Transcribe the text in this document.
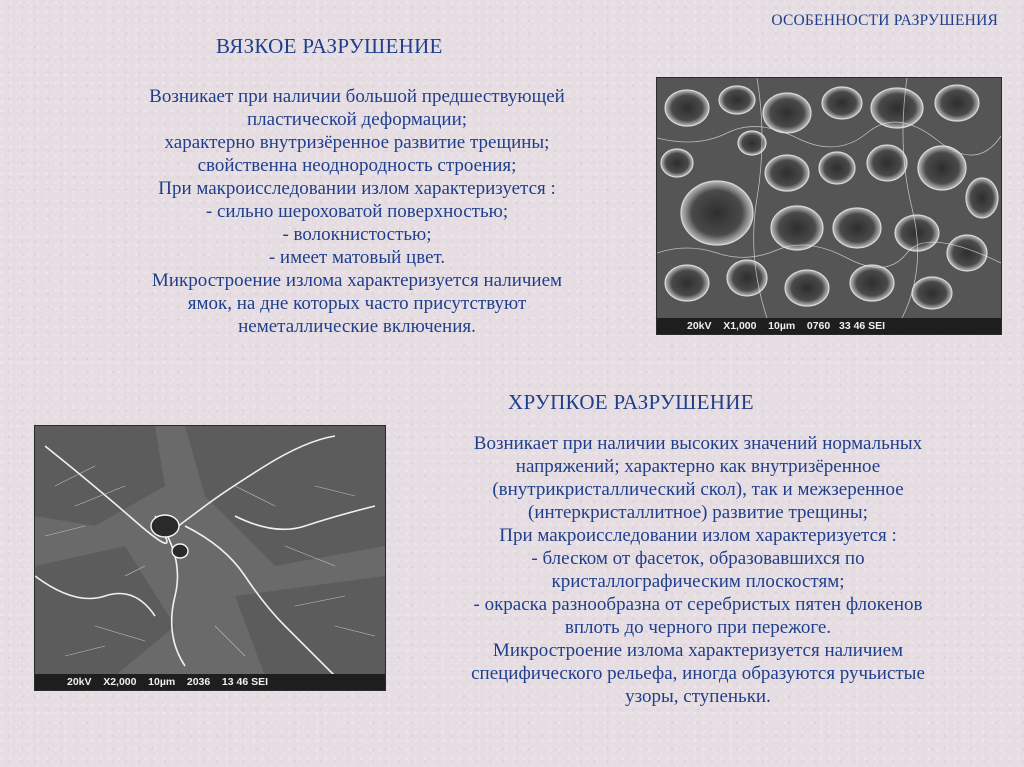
ОСОБЕННОСТИ РАЗРУШЕНИЯ
ВЯЗКОЕ РАЗРУШЕНИЕ
Возникает при наличии большой предшествующей
пластической деформации;
характерно внутризёренное развитие трещины;
свойственна неоднородность строения;
При макроисследовании излом характеризуется :
- сильно шероховатой поверхностью;
- волокнистостью;
- имеет матовый цвет.
Микростроение излома характеризуется наличием
ямок, на дне которых часто присутствуют
неметаллические включения.	20kV    X1,000    10µm    0760   33 46 SEI
ХРУПКОЕ РАЗРУШЕНИЕ
20kV    X2,000    10µm    2036    13 46 SEI
Возникает при наличии высоких значений нормальных
напряжений; характерно как внутризёренное
(внутрикристаллический скол), так и межзеренное
(интеркристаллитное) развитие трещины;
При макроисследовании излом характеризуется :
- блеском от фасеток, образовавшихся по
кристаллографическим плоскостям;
- окраска разнообразна от серебристых пятен флокенов
вплоть до черного при пережоге.
Микростроение излома характеризуется наличием
специфического рельефа, иногда образуются ручьистые
узоры, ступеньки.
